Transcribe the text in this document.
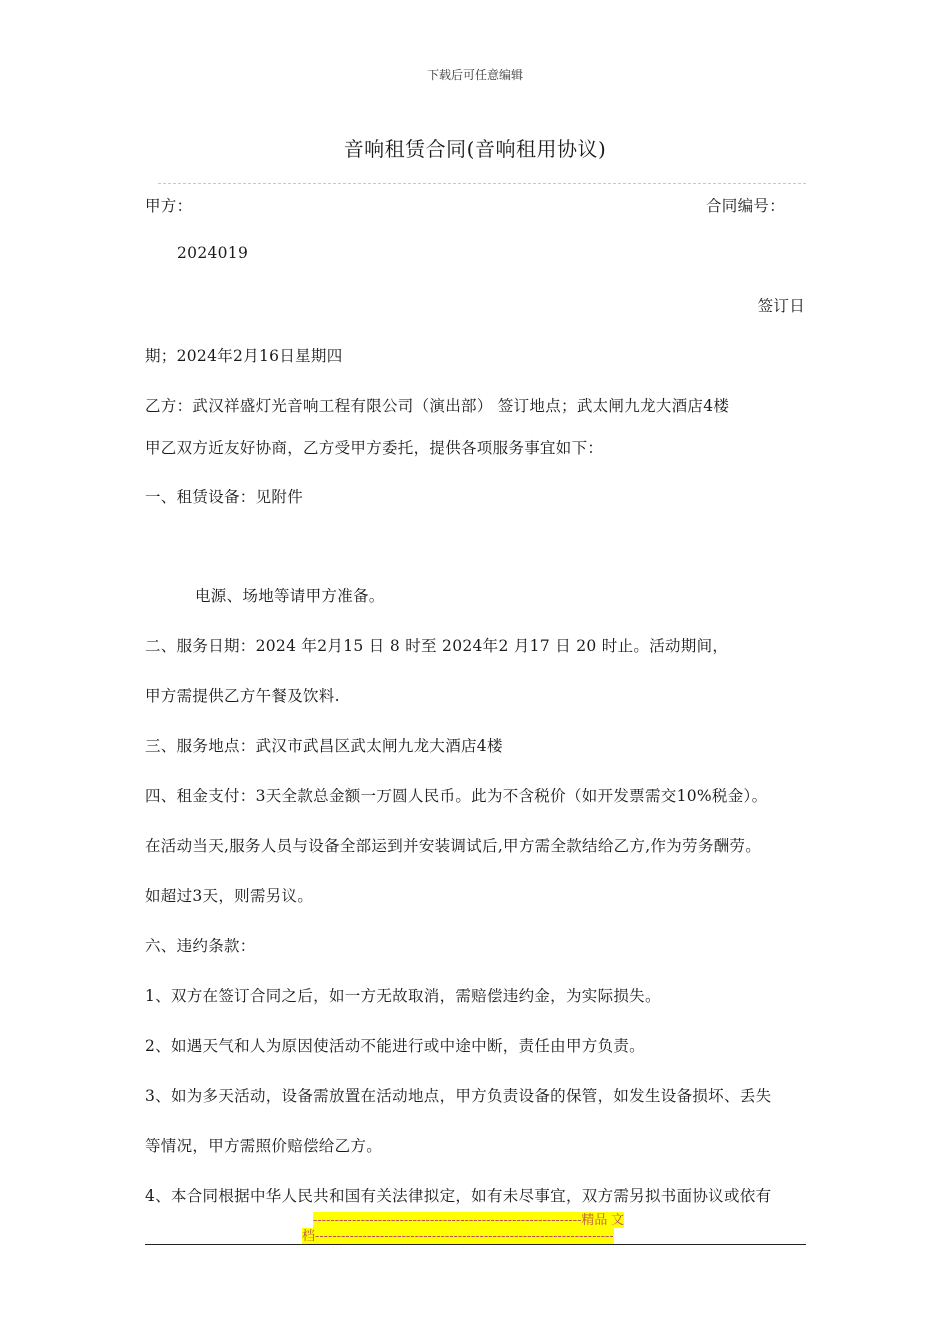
下载后可任意编辑
音响租赁合同(音响租用协议)
甲方：	合同编号：
2024019
签订日
期；2024年2月16日星期四
乙方：武汉祥盛灯光音响工程有限公司（演出部） 签订地点；武太闸九龙大酒店4楼
甲乙双方近友好协商，乙方受甲方委托，提供各项服务事宜如下：
一、租赁设备：见附件
电源、场地等请甲方准备。
二、服务日期：2024 年2月15 日 8 时至 2024年2 月17 日 20 时止。活动期间，
甲方需提供乙方午餐及饮料.
三、服务地点：武汉市武昌区武太闸九龙大酒店4楼
四、租金支付：3天全款总金额一万圆人民币。此为不含税价（如开发票需交10%税金）。
在活动当天,服务人员与设备全部运到并安装调试后,甲方需全款结给乙方,作为劳务酬劳。
如超过3天，则需另议。
六、违约条款：
1、双方在签订合同之后，如一方无故取消，需赔偿违约金，为实际损失。
2、如遇天气和人为原因使活动不能进行或中途中断，责任由甲方负责。
3、如为多天活动，设备需放置在活动地点，甲方负责设备的保管，如发生设备损坏、丢失
等情况，甲方需照价赔偿给乙方。
4、本合同根据中华人民共和国有关法律拟定，如有未尽事宜，双方需另拟书面协议或依有
--------------------------------------------------------------精品 文
档---------------------------------------------------------------------
